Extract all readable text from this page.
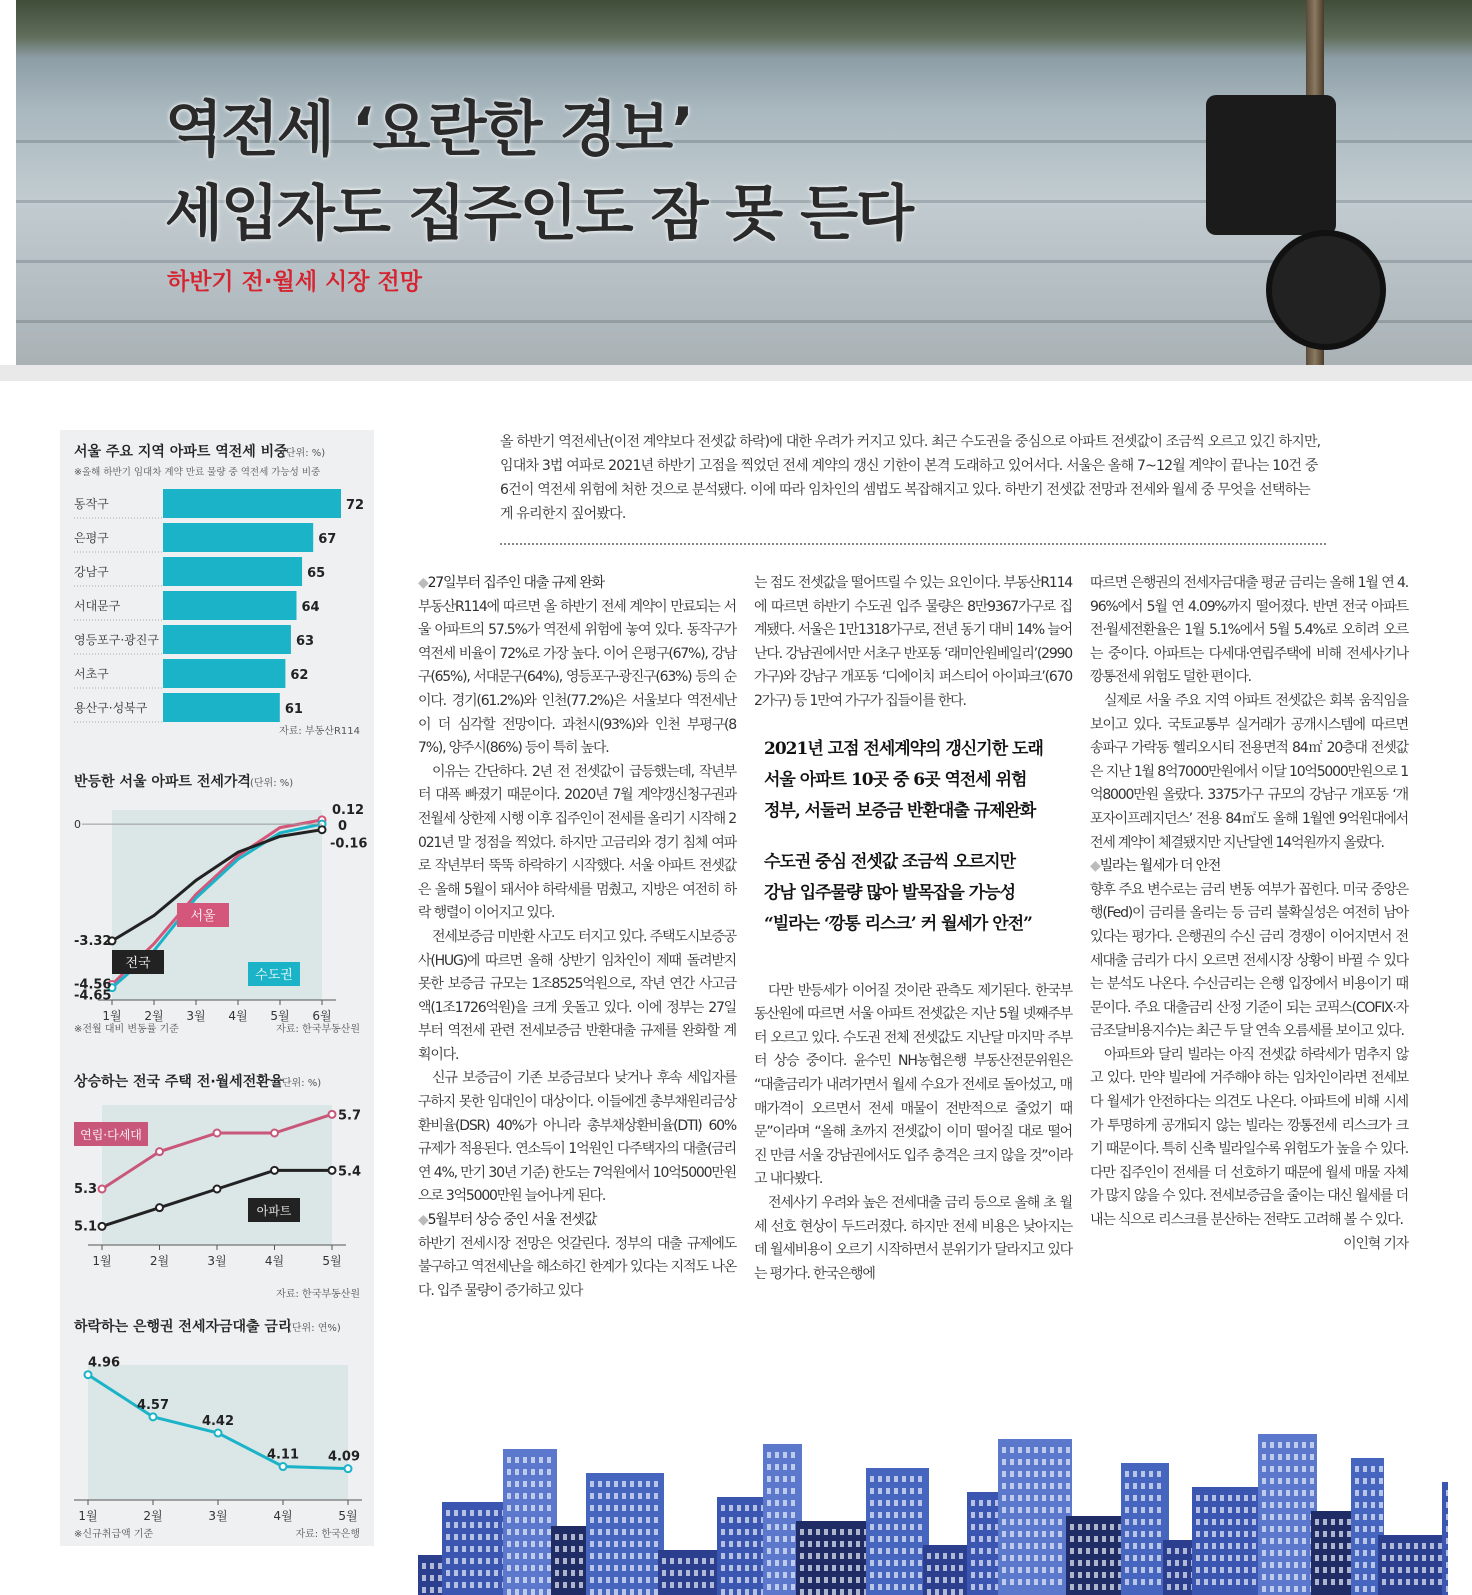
역전세 ‘요란한 경보’
세입자도 집주인도 잠 못 든다
하반기 전·월세 시장 전망
서울 주요 지역 아파트 역전세 비중
(단위: %)
※올해 하반기 임대차 계약 만료 물량 중 역전세 가능성 비중
동작구	72
은평구	67
강남구	65
서대문구	64
영등포구·광진구	63
서초구	62
용산구·성북구	61
자료: 부동산R114
반등한 서울 아파트 전세가격 (단위: %)
1월 2월 3월 4월 5월 6월
※전월 대비 변동률 기준	자료: 한국부동산원
0
-4.56
-4.65
-3.32
0.12
0
-0.16
서울
수도권
전국
상승하는 전국 주택 전·월세전환율
(단위: %)
1월	2월	3월	4월	5월
자료: 한국부동산원
5.3
5.7
5.1
5.4
연립·다세대
아파트
하락하는 은행권 전세자금대출 금리
(단위: 연%)
1월	2월	3월	4월	5월
※신규취급액 기준	자료: 한국은행
4.96
4.57
4.42
4.11 4.09
올 하반기 역전세난(이전 계약보다 전셋값 하락)에 대한 우려가 커지고 있다. 최근 수도권을 중심으로 아파트 전셋값이 조금씩 오르고 있긴 하지만, 임대차 3법 여파로 2021년 하반기 고점을 찍었던 전세 계약의 갱신 기한이 본격 도래하고 있어서다. 서울은 올해 7~12월 계약이 끝나는 10건 중 6건이 역전세 위험에 처한 것으로 분석됐다. 이에 따라 임차인의 셈법도 복잡해지고 있다. 하반기 전셋값 전망과 전세와 월세 중 무엇을 선택하는 게 유리한지 짚어봤다.

◆ 27일부터 집주인 대출 규제 완화

부동산R114에 따르면 올 하반기 전세 계약이 만료되는 서울 아파트의 57.5%가 역전세 위험에 놓여 있다. 동작구가 역전세 비율이 72%로 가장 높다. 이어 은평구(67%), 강남구(65%), 서대문구(64%), 영등포구·광진구(63%) 등의 순이다. 경기(61.2%)와 인천(77.2%)은 서울보다 역전세난이 더 심각할 전망이다. 과천시(93%)와 인천 부평구(87%), 양주시(86%) 등이 특히 높다.

이유는 간단하다. 2년 전 전셋값이 급등했는데, 작년부터 대폭 빠졌기 때문이다. 2020년 7월 계약갱신청구권과 전월세 상한제 시행 이후 집주인이 전세를 올리기 시작해 2021년 말 정점을 찍었다. 하지만 고금리와 경기 침체 여파로 작년부터 뚝뚝 하락하기 시작했다. 서울 아파트 전셋값은 올해 5월이 돼서야 하락세를 멈췄고, 지방은 여전히 하락 행렬이 이어지고 있다.

전세보증금 미반환 사고도 터지고 있다. 주택도시보증공사(HUG)에 따르면 올해 상반기 임차인이 제때 돌려받지 못한 보증금 규모는 1조8525억원으로, 작년 연간 사고금액(1조1726억원)을 크게 웃돌고 있다. 이에 정부는 27일부터 역전세 관련 전세보증금 반환대출 규제를 완화할 계획이다.

신규 보증금이 기존 보증금보다 낮거나 후속 세입자를 구하지 못한 임대인이 대상이다. 이들에겐 총부채원리금상환비율(DSR) 40%가 아니라 총부채상환비율(DTI) 60% 규제가 적용된다. 연소득이 1억원인 다주택자의 대출(금리 연 4%, 만기 30년 기준) 한도는 7억원에서 10억5000만원으로 3억5000만원 늘어나게 된다.

◆ 5월부터 상승 중인 서울 전셋값

하반기 전세시장 전망은 엇갈린다. 정부의 대출 규제에도 불구하고 역전세난을 해소하긴 한계가 있다는 지적도 나온다. 입주 물량이 증가하고 있다

는 점도 전셋값을 떨어뜨릴 수 있는 요인이다. 부동산R114에 따르면 하반기 수도권 입주 물량은 8만9367가구로 집계됐다. 서울은 1만1318가구로, 전년 동기 대비 14% 늘어난다. 강남권에서만 서초구 반포동 ‘래미안원베일리’(2990가구)와 강남구 개포동 ‘디에이치 퍼스티어 아이파크’(6702가구) 등 1만여 가구가 집들이를 한다.

2021년 고점 전세계약의 갱신기한 도래
서울 아파트 10곳 중 6곳 역전세 위험
정부, 서둘러 보증금 반환대출 규제완화
수도권 중심 전셋값 조금씩 오르지만
강남 입주물량 많아 발목잡을 가능성
“빌라는 ‘깡통 리스크’ 커 월세가 안전”

다만 반등세가 이어질 것이란 관측도 제기된다. 한국부동산원에 따르면 서울 아파트 전셋값은 지난 5월 넷째주부터 오르고 있다. 수도권 전체 전셋값도 지난달 마지막 주부터 상승 중이다. 윤수민 NH농협은행 부동산전문위원은 “대출금리가 내려가면서 월세 수요가 전세로 돌아섰고, 매매가격이 오르면서 전세 매물이 전반적으로 줄었기 때문”이라며 “올해 초까지 전셋값이 이미 떨어질 대로 떨어진 만큼 서울 강남권에서도 입주 충격은 크지 않을 것”이라고 내다봤다.

전세사기 우려와 높은 전세대출 금리 등으로 올해 초 월세 선호 현상이 두드러졌다. 하지만 전세 비용은 낮아지는데 월세비용이 오르기 시작하면서 분위기가 달라지고 있다는 평가다. 한국은행에

따르면 은행권의 전세자금대출 평균 금리는 올해 1월 연 4.96%에서 5월 연 4.09%까지 떨어졌다. 반면 전국 아파트 전·월세전환율은 1월 5.1%에서 5월 5.4%로 오히려 오르는 중이다. 아파트는 다세대·연립주택에 비해 전세사기나 깡통전세 위험도 덜한 편이다.

실제로 서울 주요 지역 아파트 전셋값은 회복 움직임을 보이고 있다. 국토교통부 실거래가 공개시스템에 따르면 송파구 가락동 헬리오시티 전용면적 84㎡ 20층대 전셋값은 지난 1월 8억7000만원에서 이달 10억5000만원으로 1억8000만원 올랐다. 3375가구 규모의 강남구 개포동 ‘개포자이프레지던스’ 전용 84㎡도 올해 1월엔 9억원대에서 전세 계약이 체결됐지만 지난달엔 14억원까지 올랐다.

◆ 빌라는 월세가 더 안전

향후 주요 변수로는 금리 변동 여부가 꼽힌다. 미국 중앙은행(Fed)이 금리를 올리는 등 금리 불확실성은 여전히 남아 있다는 평가다. 은행권의 수신 금리 경쟁이 이어지면서 전세대출 금리가 다시 오르면 전세시장 상황이 바뀔 수 있다는 분석도 나온다. 수신금리는 은행 입장에서 비용이기 때문이다. 주요 대출금리 산정 기준이 되는 코픽스(COFIX·자금조달비용지수)는 최근 두 달 연속 오름세를 보이고 있다.

아파트와 달리 빌라는 아직 전셋값 하락세가 멈추지 않고 있다. 만약 빌라에 거주해야 하는 임차인이라면 전세보다 월세가 안전하다는 의견도 나온다. 아파트에 비해 시세가 투명하게 공개되지 않는 빌라는 깡통전세 리스크가 크기 때문이다. 특히 신축 빌라일수록 위험도가 높을 수 있다. 다만 집주인이 전세를 더 선호하기 때문에 월세 매물 자체가 많지 않을 수 있다. 전세보증금을 줄이는 대신 월세를 더 내는 식으로 리스크를 분산하는 전략도 고려해 볼 수 있다.
이인혁 기자
